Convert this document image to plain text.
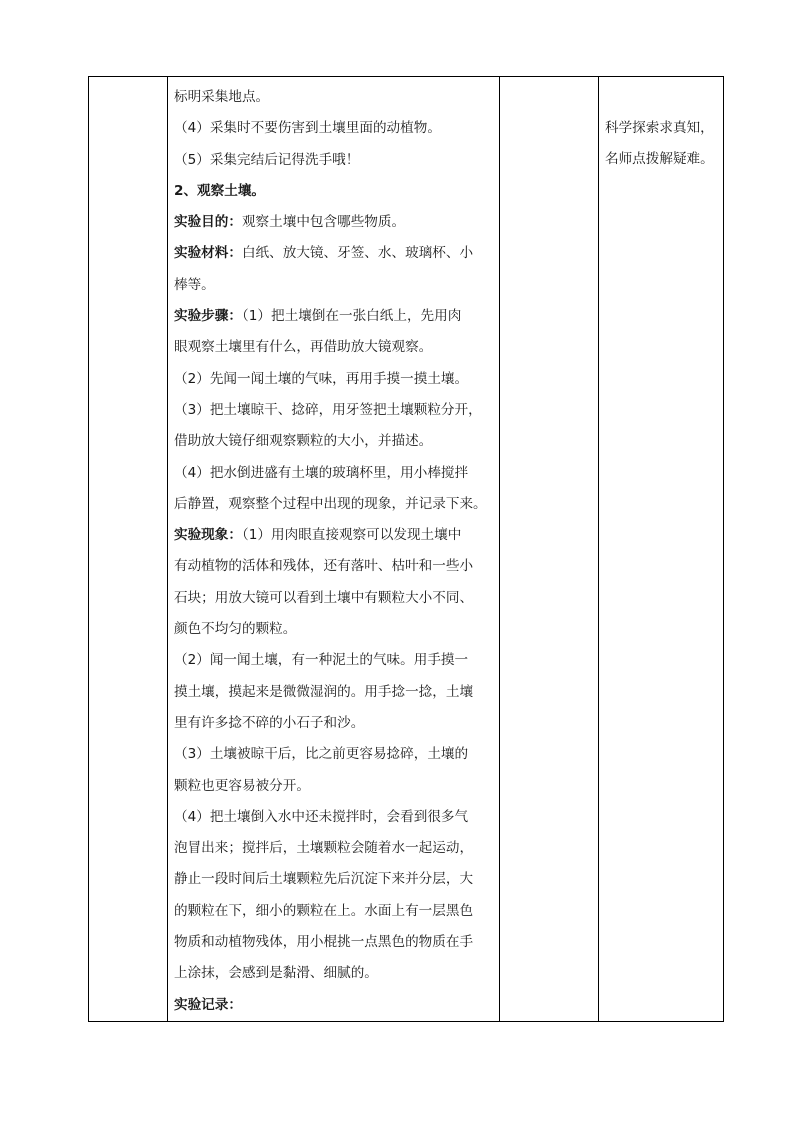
标明采集地点。
（4）采集时不要伤害到土壤里面的动植物。
（5）采集完结后记得洗手哦！
2、观察土壤。
实验目的：观察土壤中包含哪些物质。
实验材料：白纸、放大镜、牙签、水、玻璃杯、小
棒等。
实验步骤：（1）把土壤倒在一张白纸上，先用肉
眼观察土壤里有什么，再借助放大镜观察。
（2）先闻一闻土壤的气味，再用手摸一摸土壤。
（3）把土壤晾干、捻碎，用牙签把土壤颗粒分开，
借助放大镜仔细观察颗粒的大小，并描述。
（4）把水倒进盛有土壤的玻璃杯里，用小棒搅拌
后静置，观察整个过程中出现的现象，并记录下来。
实验现象：（1）用肉眼直接观察可以发现土壤中
有动植物的活体和残体，还有落叶、枯叶和一些小
石块；用放大镜可以看到土壤中有颗粒大小不同、
颜色不均匀的颗粒。
（2）闻一闻土壤，有一种泥土的气味。用手摸一
摸土壤，摸起来是微微湿润的。用手捻一捻，土壤
里有许多捻不碎的小石子和沙。
（3）土壤被晾干后，比之前更容易捻碎，土壤的
颗粒也更容易被分开。
（4）把土壤倒入水中还未搅拌时，会看到很多气
泡冒出来；搅拌后，土壤颗粒会随着水一起运动，
静止一段时间后土壤颗粒先后沉淀下来并分层，大
的颗粒在下，细小的颗粒在上。水面上有一层黑色
物质和动植物残体，用小棍挑一点黑色的物质在手
上涂抹，会感到是黏滑、细腻的。
实验记录：

科学探索求真知，
名师点拨解疑难。
